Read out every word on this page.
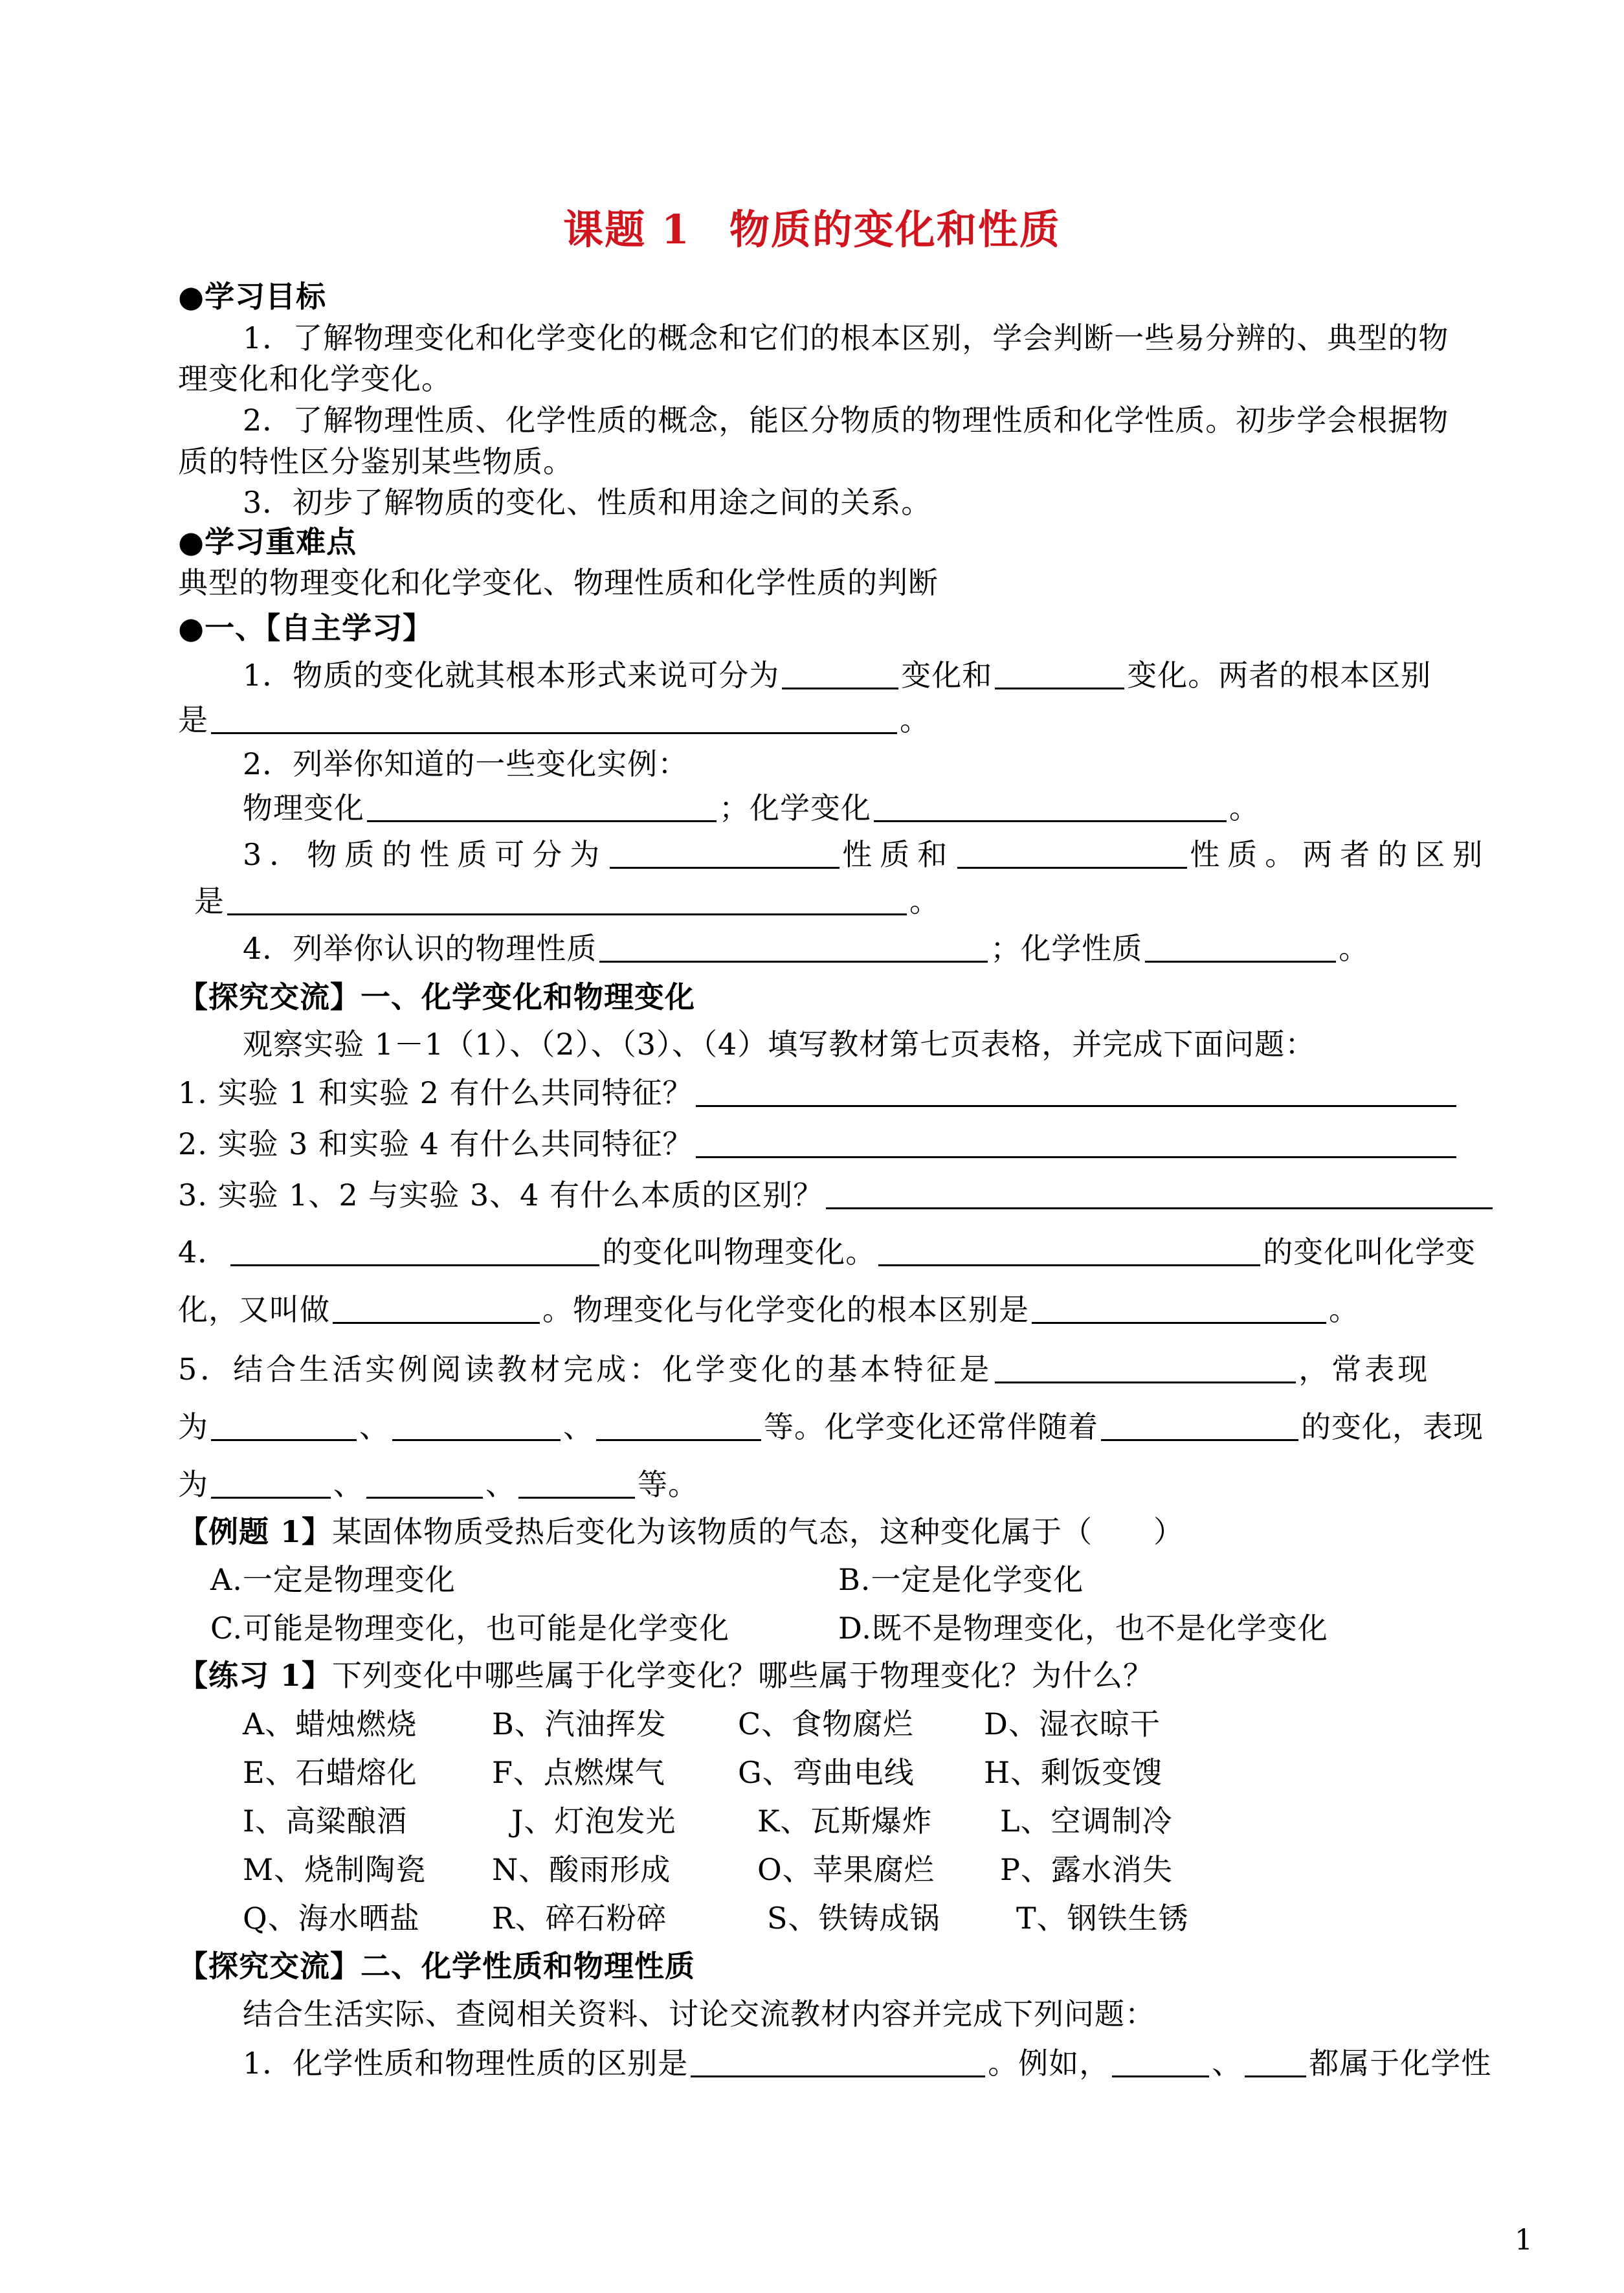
课题 1 物质的变化和性质
●学习目标
1．了解物理变化和化学变化的概念和它们的根本区别，学会判断一些易分辨的、典型的物
理变化和化学变化。
2．了解物理性质、化学性质的概念，能区分物质的物理性质和化学性质。初步学会根据物
质的特性区分鉴别某些物质。
3．初步了解物质的变化、性质和用途之间的关系。
●学习重难点
典型的物理变化和化学变化、物理性质和化学性质的判断
●一、【自主学习】
1．物质的变化就其根本形式来说可分为	变化和	变化。两者的根本区别
是	。
2．列举你知道的一些变化实例：
物理变化	；化学变化	。
3．物质的性质可分为	性质和	性质。两者的区别
是	。
4．列举你认识的物理性质	；化学性质	。
【探究交流】一、化学变化和物理变化
观察实验 1－1（1）、（2）、（3）、（4）填写教材第七页表格，并完成下面问题：
1. 实验 1 和实验 2 有什么共同特征？
2. 实验 3 和实验 4 有什么共同特征？
3. 实验 1、2 与实验 3、4 有什么本质的区别？
4．	的变化叫物理变化。	的变化叫化学变
化，又叫做	。物理变化与化学变化的根本区别是	。
5．结合生活实例阅读教材完成：化学变化的基本特征是	，常表现
为	、	、	等。化学变化还常伴随着	的变化，表现
为	、	、	等。
【例题 1】某固体物质受热后变化为该物质的气态，这种变化属于（　　）
A.一定是物理变化	B.一定是化学变化
C.可能是物理变化，也可能是化学变化	D.既不是物理变化，也不是化学变化
【练习 1】下列变化中哪些属于化学变化？哪些属于物理变化？为什么？
A、蜡烛燃烧	B、汽油挥发 C、食物腐烂 D、湿衣晾干
E、石蜡熔化	F、点燃煤气 G、弯曲电线 H、剩饭变馊
I、高粱酿酒	J、灯泡发光	K、瓦斯爆炸 L、空调制冷
M、烧制陶瓷 N、酸雨形成	O、苹果腐烂 P、露水消失
Q、海水晒盐 R、碎石粉碎	S、铁铸成锅	T、钢铁生锈
【探究交流】二、化学性质和物理性质
结合生活实际、查阅相关资料、讨论交流教材内容并完成下列问题：
1．化学性质和物理性质的区别是	。例如，	、 都属于化学性
1
